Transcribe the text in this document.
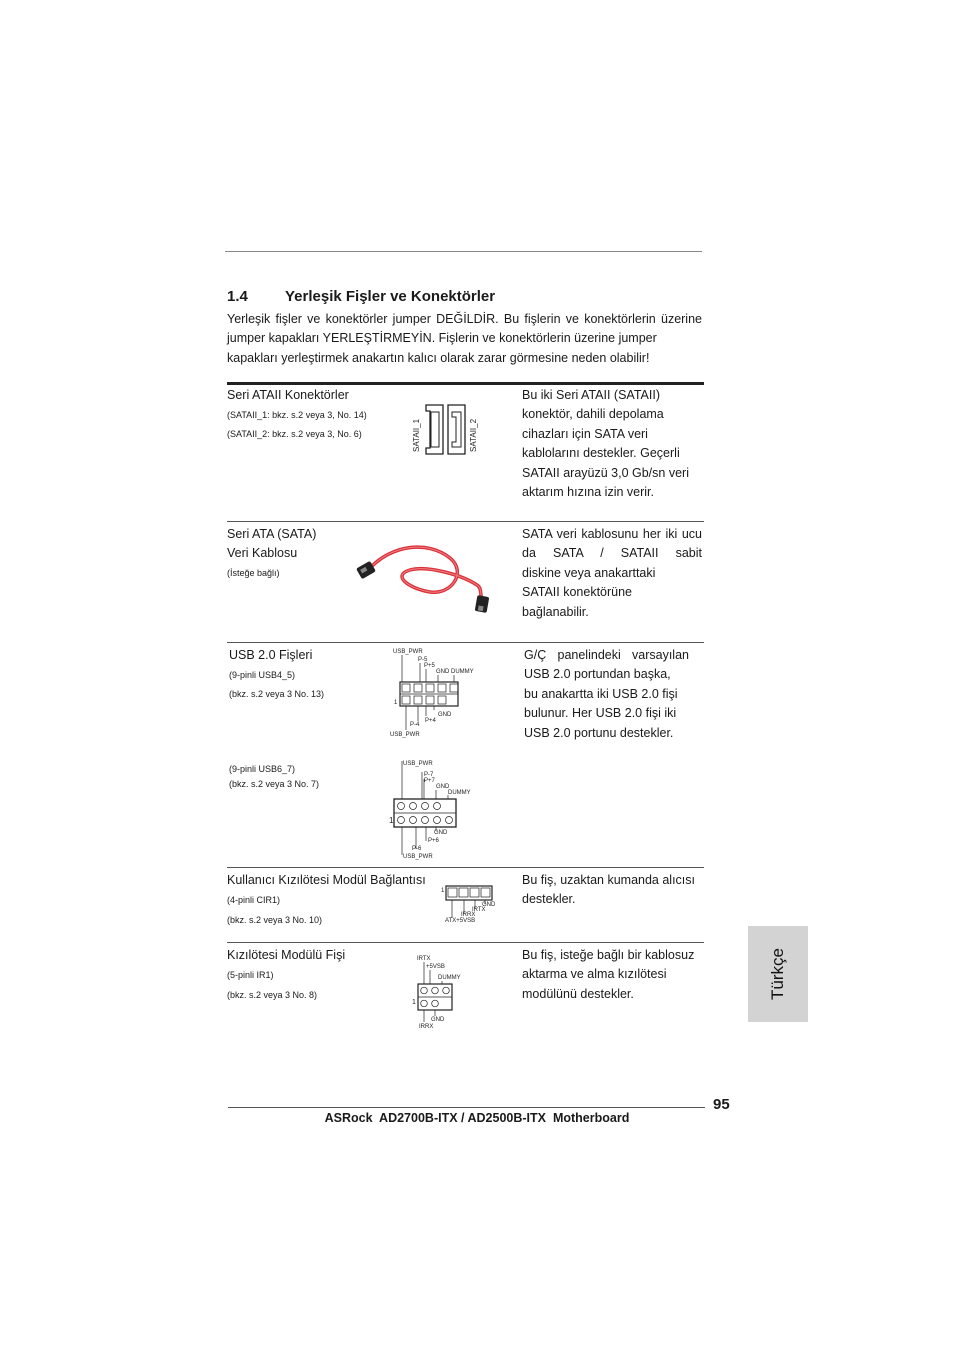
1.4 Yerleşik Fişler ve Konektörler
Yerleşik fişler ve konektörler jumper DEĞİLDİR. Bu fişlerin ve konektörlerin üzerine
jumper kapakları YERLEŞTİRMEYİN. Fişlerin ve konektörlerin üzerine jumper
kapakları yerleştirmek anakartın kalıcı olarak zarar görmesine neden olabilir!
Seri ATAII Konektörler
(SATAII_1: bkz. s.2 veya 3, No. 14)
(SATAII_2: bkz. s.2 veya 3, No. 6)	SATAII_1	SATAII_2
Bu iki Seri ATAII (SATAII)
konektör, dahili depolama
cihazları için SATA veri
kablolarını destekler. Geçerli
SATAII arayüzü 3,0 Gb/sn veri
aktarım hızına izin verir.
Seri ATA (SATA)
Veri Kablosu
(İsteğe bağlı)
SATA veri kablosunu her iki ucu
da SATA / SATAII sabit
diskine veya anakarttaki
SATAII konektörüne
bağlanabilir.
USB 2.0 Fişleri
(9-pinli USB4_5)
(bkz. s.2 veya 3 No. 13)
USB_PWR
P-5
P+5
GND DUMMY
1
P-4
P+4
GND
USB_PWR
G/Ç panelindeki varsayılan
USB 2.0 portundan başka,
bu anakartta iki USB 2.0 fişi
bulunur. Her USB 2.0 fişi iki
USB 2.0 portunu destekler.
(9-pinli USB6_7)
(bkz. s.2 veya 3 No. 7)
USB_PWR
P-7
P+7
GND
DUMMY
1
GND
P+6
P-6
USB_PWR
Kullanıcı Kızılötesi Modül Bağlantısı
(4-pinli CIR1)
(bkz. s.2 veya 3 No. 10)
1
GND
IRTX
IRRX
ATX+5VSB
Bu fiş, uzaktan kumanda alıcısı
destekler.
Kızılötesi Modülü Fişi
(5-pinli IR1)
(bkz. s.2 veya 3 No. 8)
IRTX
+5VSB
DUMMY
1
GND
IRRX
Bu fiş, isteğe bağlı bir kablosuz
aktarma ve alma kızılötesi
modülünü destekler.	Türkçe
95
ASRock  AD2700B-ITX / AD2500B-ITX  Motherboard
